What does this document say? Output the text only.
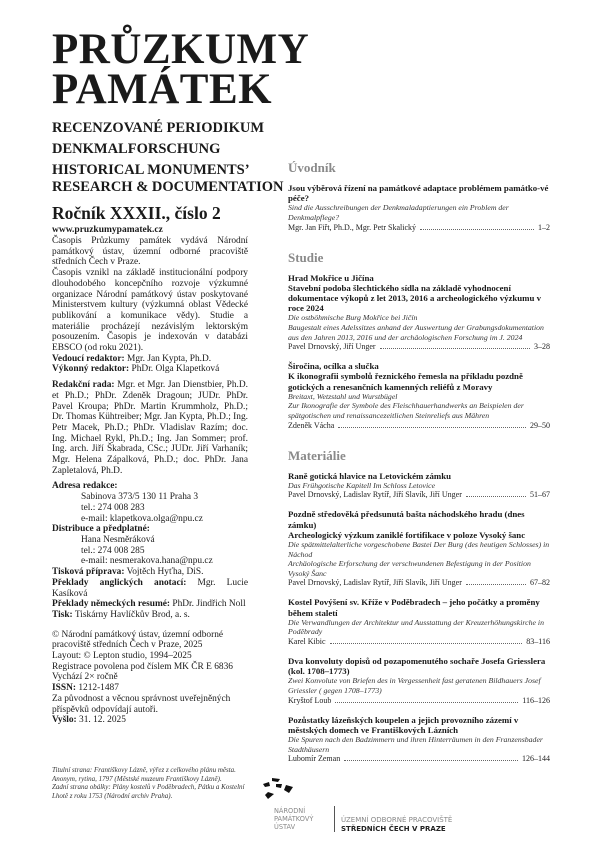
PRŮZKUMY
PAMÁTEK
RECENZOVANÉ PERIODIKUM
DENKMALFORSCHUNG
HISTORICAL MONUMENTS’
RESEARCH & DOCUMENTATION
Ročník XXXII., číslo 2
www.pruzkumypamatek.cz

Časopis Průzkumy památek vydává Národní památkový ústav, územní odborné pracoviště středních Čech v Praze.

Časopis vznikl na základě institucionální podpory dlouhodobého koncepčního rozvoje výzkumné organizace Národní památkový ústav poskytované Ministerstvem kultury (výzkumná oblast Vědecké publikování a komunikace vědy). Studie a materiálie procházejí nezávislým lektorským posouzením. Časopis je indexován v databázi EBSCO (od roku 2021).

Vedoucí redaktor: Mgr. Jan Kypta, Ph.D.

Výkonný redaktor: PhDr. Olga Klapetková

Redakční rada: Mgr. et Mgr. Jan Dienstbier, Ph.D. et Ph.D.; PhDr. Zdeněk Dragoun; JUDr. PhDr. Pavel Kroupa; PhDr. Martin Krummholz, Ph.D.; Dr. Thomas Kühtreiber; Mgr. Jan Kypta, Ph.D.; Ing. Petr Macek, Ph.D.; PhDr. Vladislav Razím; doc. Ing. Michael Rykl, Ph.D.; Ing. Jan Sommer; prof. Ing. arch. Jiří Škabrada, CSc.; JUDr. Jiří Varhaník; Mgr. Helena Zápalková, Ph.D.; doc. PhDr. Jana Zapletalová, Ph.D.

Adresa redakce:

Sabinova 373/5 130 11 Praha 3

tel.: 274 008 283

e-mail: klapetkova.olga@npu.cz

Distribuce a předplatné:

Hana Nesměráková

tel.: 274 008 285

e-mail: nesmerakova.hana@npu.cz

Tisková příprava: Vojtěch Hyťha, DiS.

Překlady anglických anotací: Mgr. Lucie Kasíková

Překlady německých resumé: PhDr. Jindřich Noll

Tisk: Tiskárny Havlíčkův Brod, a. s.

© Národní památkový ústav, územní odborné pracoviště středních Čech v Praze, 2025

Layout: © Lepton studio, 1994–2025

Registrace povolena pod číslem MK ČR E 6836

Vychází 2× ročně

ISSN: 1212-1487

Za původnost a věcnou správnost uveřejněných příspěvků odpovídají autoři.

Vyšlo: 31. 12. 2025

Titulní strana: Františkovy Lázně, výřez z celkového plánu města. Anonym, rytina, 1797 (Městské muzeum Františkovy Lázně).
Zadní strana obálky: Plány kostelů v Poděbradech, Pátku a Kostelní Lhotě z roku 1753 (Národní archiv Praha).
Úvodník
Jsou výběrová řízení na památkové adaptace problémem památko-vé péče?
Sind die Ausschreibungen der Denkmaladaptierungen ein Problem der Denkmalpflege?
Mgr. Jan Fiřt, Ph.D., Mgr. Petr Skalický	1–2
Studie
Hrad Mokřice u Jičína
Stavební podoba šlechtického sídla na základě vyhodnocení dokumentace výkopů z let 2013, 2016 a archeologického výzkumu v roce 2024
Die ostböhmische Burg Mokřice bei Jičín
Baugestalt eines Adelssitzes anhand der Auswertung der Grabungsdokumentation aus den Jahren 2013, 2016 und der archäologischen Forschung im J. 2024
Pavel Drnovský, Jiří Unger	3–28
Širočina, ocílka a slučka
K ikonografii symbolů řeznického řemesla na příkladu pozdně gotických a renesančních kamenných reliéfů z Moravy
Breitaxt, Wetzstahl und Wurstbügel
Zur Ikonografie der Symbole des Fleischhauerhandwerks an Beispielen der spätgotischen und renaissancezeitlichen Steinreliefs aus Mähren
Zdeněk Vácha	29–50
Materiálie
Raně gotická hlavice na Letovickém zámku
Das Frühgotische Kapitell Im Schloss Letovice
Pavel Drnovský, Ladislav Rytíř, Jiří Slavík, Jiří Unger	51–67
Pozdně středověká předsunutá bašta náchodského hradu (dnes zámku)
Archeologický výzkum zaniklé fortifikace v poloze Vysoký šanc
Die spätmittelalterliche vorgeschobene Bastei Der Burg (des heutigen Schlosses) in Náchod
Archäologische Erforschung der verschwundenen Befestigung in der Position Vysoký Šanc
Pavel Drnovský, Ladislav Rytíř, Jiří Slavík, Jiří Unger	67–82
Kostel Povýšení sv. Kříže v Poděbradech – jeho počátky a proměny během staletí
Die Verwandlungen der Architektur und Ausstattung der Kreuzerhöhungskirche in Poděbrady
Karel Kibic	83–116
Dva konvoluty dopisů od pozapomenutého sochaře Josefa Griesslera (kol. 1708–1773)
Zwei Konvolute von Briefen des in Vergessenheit fast geratenen Bildhauers Josef Griessler ( gegen 1708–1773)
Kryštof Loub	116–126
Pozůstatky lázeňských koupelen a jejich provozního zázemí v městských domech ve Františkových Lázních
Die Spuren nach den Badzimmern und ihren Hinterräumen in den Franzensbader Stadthäusern
Lubomír Zeman	126–144
NÁRODNÍ
PAMÁTKOVÝ
ÚSTAV
ÚZEMNÍ ODBORNÉ PRACOVIŠTĚ
STŘEDNÍCH ČECH V PRAZE
